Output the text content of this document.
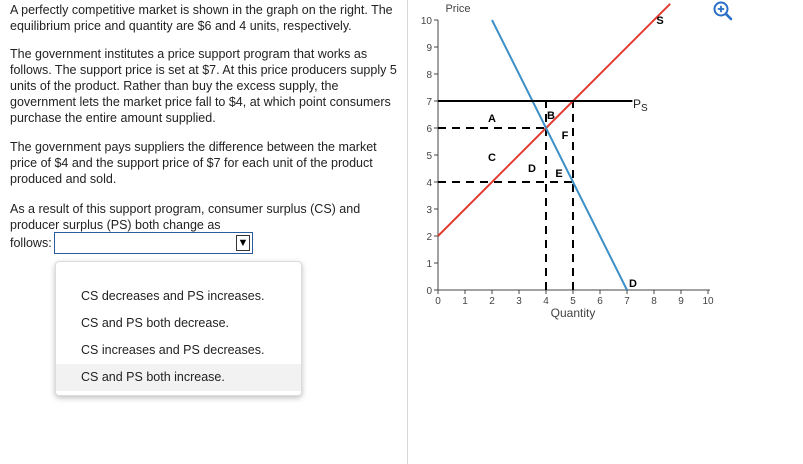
A perfectly competitive market is shown in the graph on the right. The equilibrium price and quantity are $6 and 4 units, respectively.

The government institutes a price support program that works as follows. The support price is set at $7. At this price producers supply 5 units of the product. Rather than buy the excess supply, the government lets the market price fall to $4, at which point consumers purchase the entire amount supplied.

The government pays suppliers the difference between the market price of $4 and the support price of $7 for each unit of the product produced and sold.

As a result of this support program, consumer surplus (CS) and producer surplus (PS) both change as

follows:	▼
CS decreases and PS increases.
CS and PS both decrease.
CS increases and PS decreases.
CS and PS both increase.
0 1 2 3 4 5 6 7 8 9 10
0
1
2
3
4
5
6
7
8
9
10
Price
Quantity
S
$P_S$
D
A	B
C
D E
F
